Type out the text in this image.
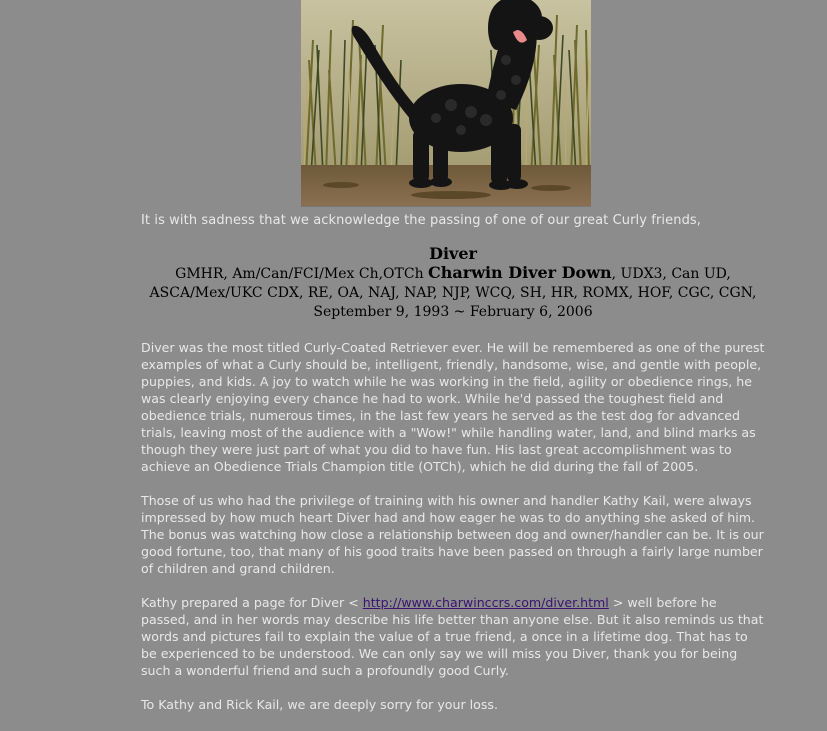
It is with sadness that we acknowledge the passing of one of our great Curly friends,
Diver
GMHR, Am/Can/FCI/Mex Ch,OTCh Charwin Diver Down, UDX3, Can UD,
ASCA/Mex/UKC CDX, RE, OA, NAJ, NAP, NJP, WCQ, SH, HR, ROMX, HOF, CGC, CGN,
September 9, 1993 ~ February 6, 2006

Diver was the most titled Curly-Coated Retriever ever. He will be remembered as one of the purest examples of what a Curly should be, intelligent, friendly, handsome, wise, and gentle with people, puppies, and kids. A joy to watch while he was working in the field, agility or obedience rings, he was clearly enjoying every chance he had to work. While he'd passed the toughest field and obedience trials, numerous times, in the last few years he served as the test dog for advanced trials, leaving most of the audience with a "Wow!" while handling water, land, and blind marks as though they were just part of what you did to have fun. His last great accomplishment was to achieve an Obedience Trials Champion title (OTCh), which he did during the fall of 2005.

Those of us who had the privilege of training with his owner and handler Kathy Kail, were always impressed by how much heart Diver had and how eager he was to do anything she asked of him. The bonus was watching how close a relationship between dog and owner/handler can be. It is our good fortune, too, that many of his good traits have been passed on through a fairly large number of children and grand children.

Kathy prepared a page for Diver < http://www.charwinccrs.com/diver.html > well before he passed, and in her words may describe his life better than anyone else. But it also reminds us that words and pictures fail to explain the value of a true friend, a once in a lifetime dog. That has to be experienced to be understood. We can only say we will miss you Diver, thank you for being such a wonderful friend and such a profoundly good Curly.

To Kathy and Rick Kail, we are deeply sorry for your loss.
